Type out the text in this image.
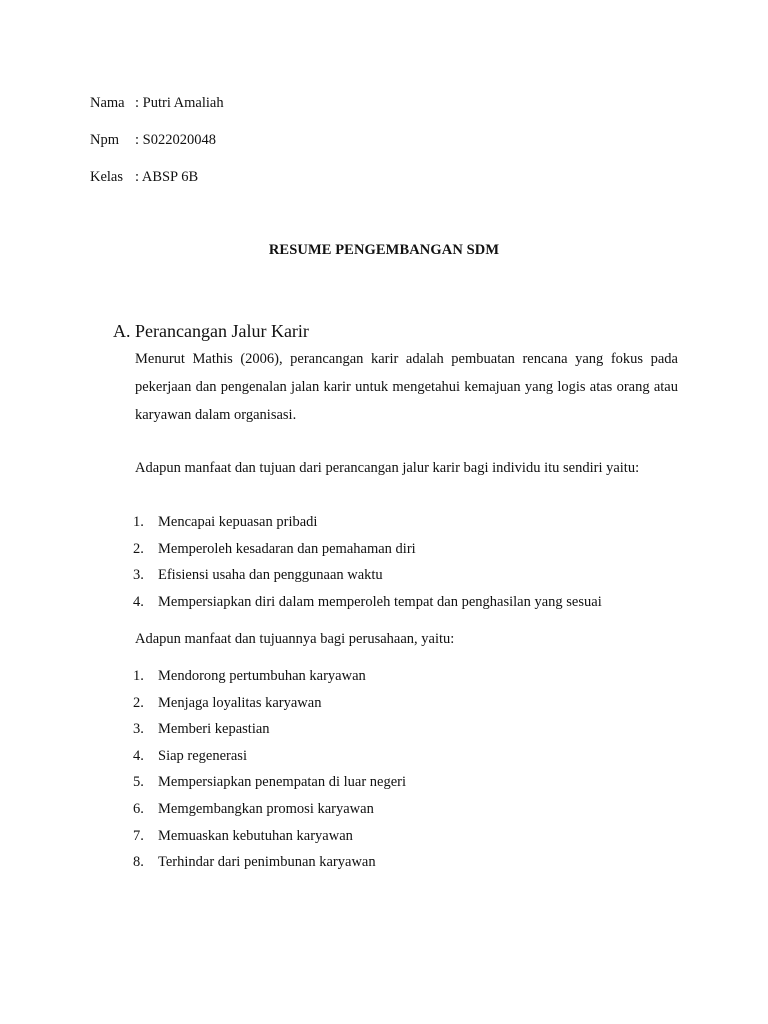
Nama : Putri Amaliah
Npm : S022020048
Kelas : ABSP 6B
RESUME PENGEMBANGAN SDM
A. Perancangan Jalur Karir
Menurut Mathis (2006), perancangan karir adalah pembuatan rencana yang fokus pada pekerjaan dan pengenalan jalan karir untuk mengetahui kemajuan yang logis atas orang atau karyawan dalam organisasi.
Adapun manfaat dan tujuan dari perancangan jalur karir bagi individu itu sendiri yaitu:
1. Mencapai kepuasan pribadi
2. Memperoleh kesadaran dan pemahaman diri
3. Efisiensi usaha dan penggunaan waktu
4. Mempersiapkan diri dalam memperoleh tempat dan penghasilan yang sesuai
Adapun manfaat dan tujuannya bagi perusahaan, yaitu:
1. Mendorong pertumbuhan karyawan
2. Menjaga loyalitas karyawan
3. Memberi kepastian
4. Siap regenerasi
5. Mempersiapkan penempatan di luar negeri
6. Memgembangkan promosi karyawan
7. Memuaskan kebutuhan karyawan
8. Terhindar dari penimbunan karyawan
